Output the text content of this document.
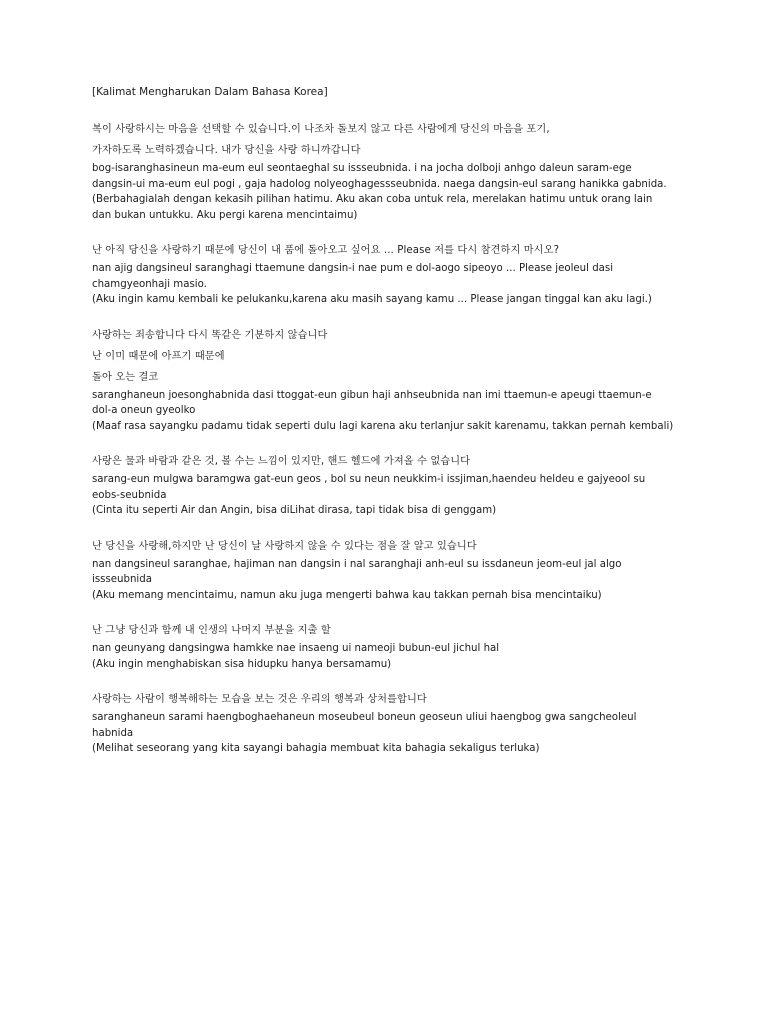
[Kalimat Mengharukan Dalam Bahasa Korea]
복이 사랑하시는 마음을 선택할 수 있습니다.이 나조차 돌보지 않고 다른 사람에게 당신의 마음을 포기,
가자하도록 노력하겠습니다. 내가 당신을 사랑 하니까갑니다
bog-isaranghasineun ma-eum eul seontaeghal su issseubnida. i na jocha dolboji anhgo daleun saram-ege
dangsin-ui ma-eum eul pogi , gaja hadolog nolyeoghagessseubnida. naega dangsin-eul sarang hanikka gabnida.
(Berbahagialah dengan kekasih pilihan hatimu. Aku akan coba untuk rela, merelakan hatimu untuk orang lain
dan bukan untukku. Aku pergi karena mencintaimu)
난 아직 당신을 사랑하기 때문에 당신이 내 품에 돌아오고 싶어요 ... Please 저를 다시 참견하지 마시오?
nan ajig dangsineul saranghagi ttaemune dangsin-i nae pum e dol-aogo sipeoyo ... Please jeoleul dasi
chamgyeonhaji masio.
(Aku ingin kamu kembali ke pelukanku,karena aku masih sayang kamu ... Please jangan tinggal kan aku lagi.)
사랑하는 죄송합니다 다시 똑같은 기분하지 않습니다
난 이미 때문에 아프기 때문에
돌아 오는 결코
saranghaneun joesonghabnida dasi ttoggat-eun gibun haji anhseubnida nan imi ttaemun-e apeugi ttaemun-e
dol-a oneun gyeolko
(Maaf rasa sayangku padamu tidak seperti dulu lagi karena aku terlanjur sakit karenamu, takkan pernah kembali)
사랑은 물과 바람과 같은 것, 볼 수는 느낌이 있지만, 핸드 헬드에 가져올 수 없습니다
sarang-eun mulgwa baramgwa gat-eun geos , bol su neun neukkim-i issjiman,haendeu heldeu e gajyeool su
eobs-seubnida
(Cinta itu seperti Air dan Angin, bisa diLihat dirasa, tapi tidak bisa di genggam)
난 당신을 사랑해,하지만 난 당신이 날 사랑하지 않을 수 있다는 점을 잘 알고 있습니다
nan dangsineul saranghae, hajiman nan dangsin i nal saranghaji anh-eul su issdaneun jeom-eul jal algo
issseubnida
(Aku memang mencintaimu, namun aku juga mengerti bahwa kau takkan pernah bisa mencintaiku)
난 그냥 당신과 함께 내 인생의 나머지 부분을 지출 할
nan geunyang dangsingwa hamkke nae insaeng ui nameoji bubun-eul jichul hal
(Aku ingin menghabiskan sisa hidupku hanya bersamamu)
사랑하는 사람이 행복해하는 모습을 보는 것은 우리의 행복과 상처를합니다
saranghaneun sarami haengboghaehaneun moseubeul boneun geoseun uliui haengbog gwa sangcheoleul
habnida
(Melihat seseorang yang kita sayangi bahagia membuat kita bahagia sekaligus terluka)
